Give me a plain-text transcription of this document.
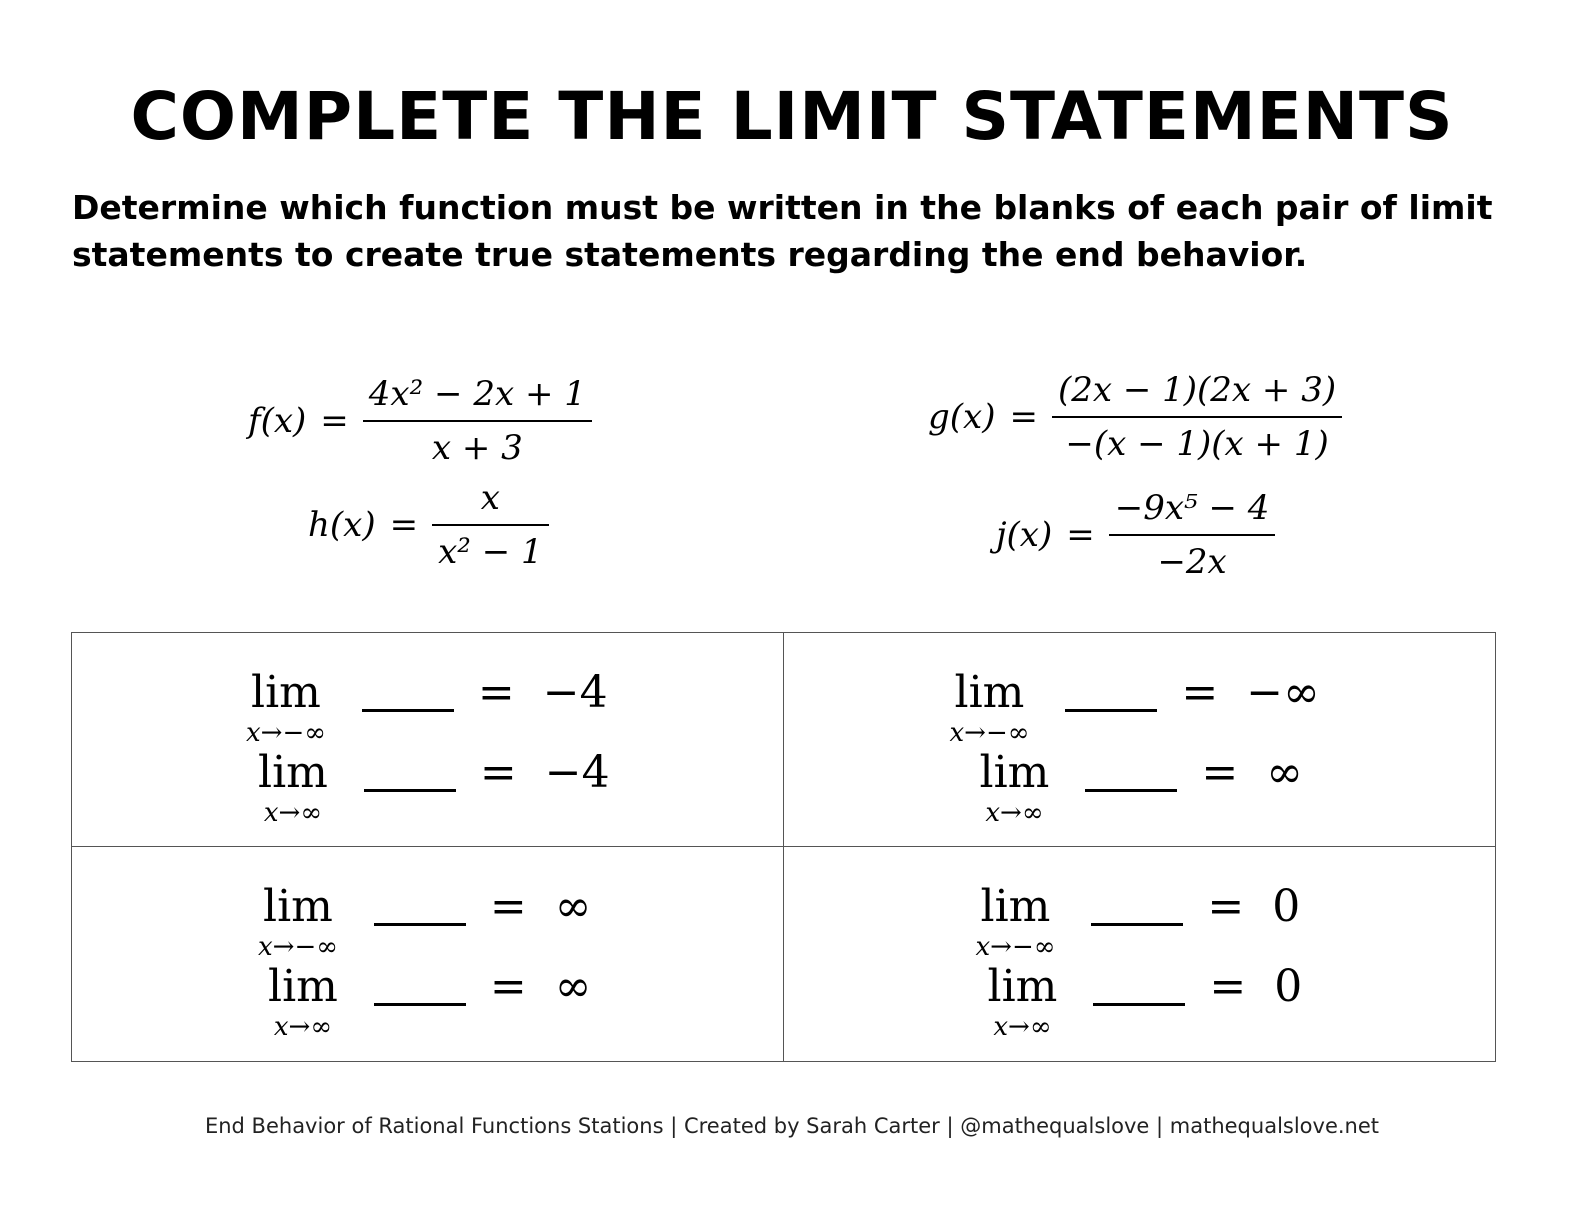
COMPLETE THE LIMIT STATEMENTS
Determine which function must be written in the blanks of each pair of limit statements to create true statements regarding the end behavior.
$f(x) = \frac{\text{4x² − 2x + 1}}{x + 3}$	$g(x) = \frac{(2x - 1)(2x + 3)}{-(x - 1)(x + 1)}$
$h(x) = \frac{x}{\text{x² − 1}}$	$j(x) = \frac{\text{−9x⁵ − 4}}{-2x}$
lim
x→−∞
= −4
lim
x→∞
= −4
lim
x→−∞
= −∞
lim
x→∞
= ∞
lim
x→−∞
= ∞
lim
x→∞
= ∞
lim
x→−∞
= 0
lim
x→∞
= 0
End Behavior of Rational Functions Stations | Created by Sarah Carter | @mathequalslove | mathequalslove.net
